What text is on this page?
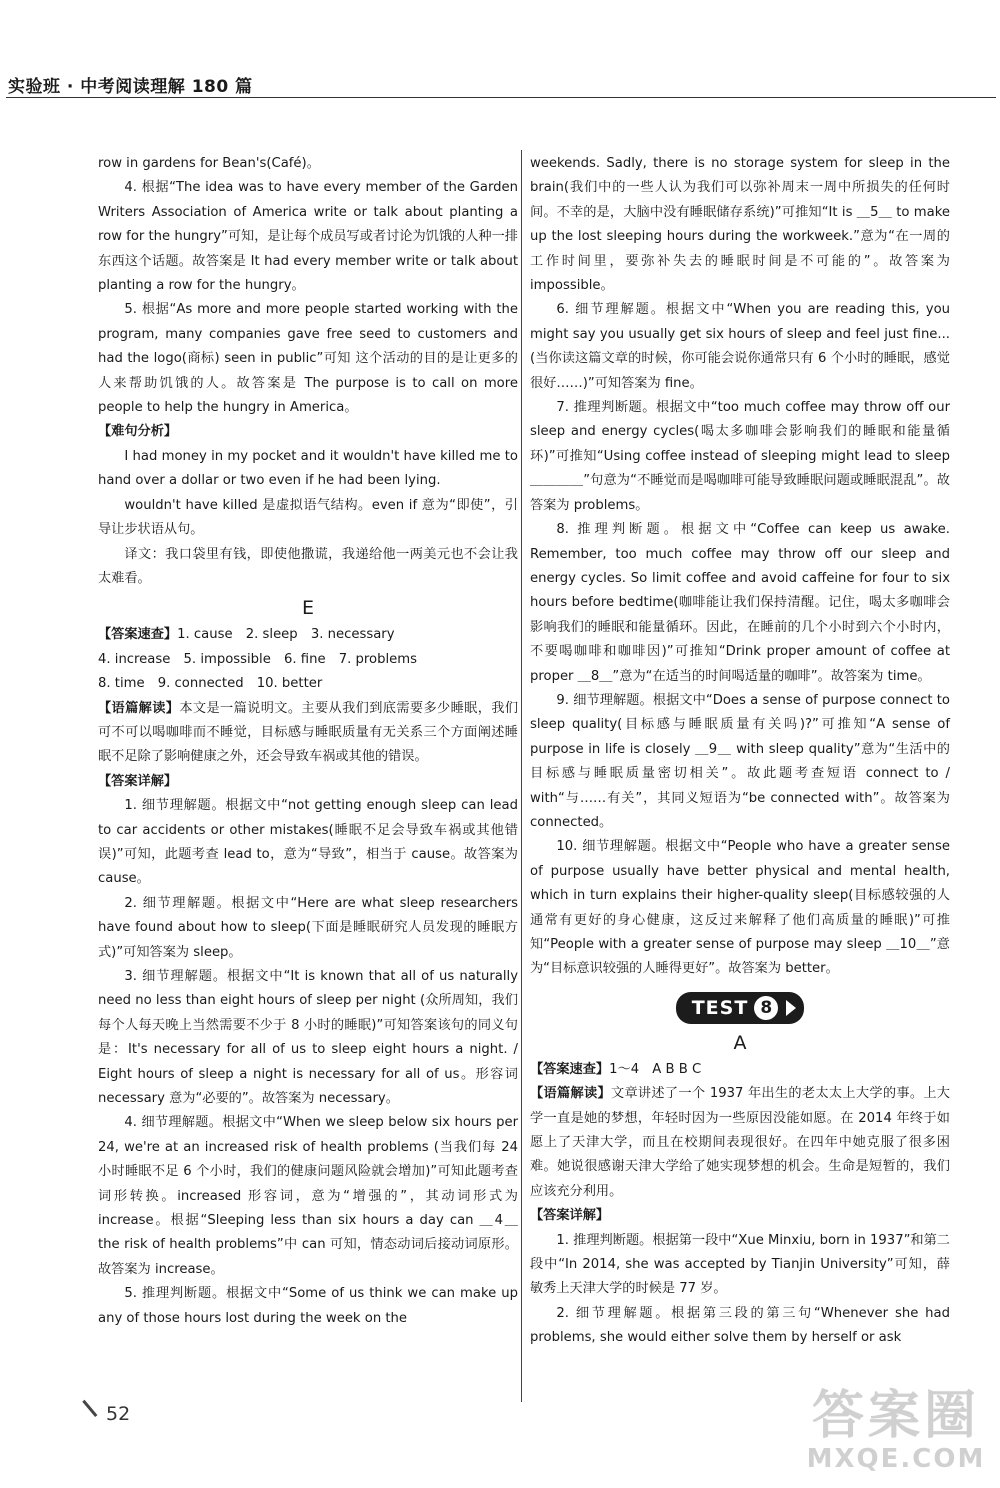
实验班 · 中考阅读理解 180 篇

row in gardens for Bean's(Café)。

4. 根据“The idea was to have every member of the Garden Writers Association of America write or talk about planting a row for the hungry”可知，是让每个成员写或者讨论为饥饿的人种一排东西这个话题。故答案是 It had every member write or talk about planting a row for the hungry。

5. 根据“As more and more people started working with the program, many companies gave free seed to customers and had the logo(商标) seen in public”可知 这个活动的目的是让更多的人来帮助饥饿的人。故答案是 The purpose is to call on more people to help the hungry in America。

【难句分析】

I had money in my pocket and it wouldn't have killed me to hand over a dollar or two even if he had been lying.

wouldn't have killed 是虚拟语气结构。even if 意为“即使”，引导让步状语从句。

译文：我口袋里有钱，即使他撒谎，我递给他一两美元也不会让我太难看。

E

【答案速查】1. cause　2. sleep　3. necessary

4. increase　5. impossible　6. fine　7. problems

8. time　9. connected　10. better

【语篇解读】本文是一篇说明文。主要从我们到底需要多少睡眠，我们可不可以喝咖啡而不睡觉，目标感与睡眠质量有无关系三个方面阐述睡眠不足除了影响健康之外，还会导致车祸或其他的错误。

【答案详解】

1. 细节理解题。根据文中“not getting enough sleep can lead to car accidents or other mistakes(睡眠不足会导致车祸或其他错误)”可知，此题考查 lead to，意为“导致”，相当于 cause。故答案为 cause。

2. 细节理解题。根据文中“Here are what sleep researchers have found about how to sleep(下面是睡眠研究人员发现的睡眠方式)”可知答案为 sleep。

3. 细节理解题。根据文中“It is known that all of us naturally need no less than eight hours of sleep per night (众所周知，我们每个人每天晚上当然需要不少于 8 小时的睡眠)”可知答案该句的同义句是：It's necessary for all of us to sleep eight hours a night. / Eight hours of sleep a night is necessary for all of us。形容词 necessary 意为“必要的”。故答案为 necessary。

4. 细节理解题。根据文中“When we sleep below six hours per 24, we're at an increased risk of health problems (当我们每 24 小时睡眠不足 6 个小时，我们的健康问题风险就会增加)”可知此题考查词形转换。increased 形容词，意为“增强的”，其动词形式为 increase。根据“Sleeping less than six hours a day can ＿4＿ the risk of health problems”中 can 可知，情态动词后接动词原形。故答案为 increase。

5. 推理判断题。根据文中“Some of us think we can make up any of those hours lost during the week on the

weekends. Sadly, there is no storage system for sleep in the brain(我们中的一些人认为我们可以弥补周末一周中所损失的任何时间。不幸的是，大脑中没有睡眠储存系统)”可推知“It is ＿5＿ to make up the lost sleeping hours during the workweek.”意为“在一周的工作时间里，要弥补失去的睡眠时间是不可能的”。故答案为 impossible。

6. 细节理解题。根据文中“When you are reading this, you might say you usually get six hours of sleep and feel just fine...(当你读这篇文章的时候，你可能会说你通常只有 6 个小时的睡眠，感觉很好……)”可知答案为 fine。

7. 推理判断题。根据文中“too much coffee may throw off our sleep and energy cycles(喝太多咖啡会影响我们的睡眠和能量循环)”可推知“Using coffee instead of sleeping might lead to sleep ＿＿＿＿”句意为“不睡觉而是喝咖啡可能导致睡眠问题或睡眠混乱”。故答案为 problems。

8. 推理判断题。根据文中“Coffee can keep us awake. Remember, too much coffee may throw off our sleep and energy cycles. So limit coffee and avoid caffeine for four to six hours before bedtime(咖啡能让我们保持清醒。记住，喝太多咖啡会影响我们的睡眠和能量循环。因此，在睡前的几个小时到六个小时内，不要喝咖啡和咖啡因)”可推知“Drink proper amount of coffee at proper ＿8＿”意为“在适当的时间喝适量的咖啡”。故答案为 time。

9. 细节理解题。根据文中“Does a sense of purpose connect to sleep quality(目标感与睡眠质量有关吗)?”可推知“A sense of purpose in life is closely ＿9＿ with sleep quality”意为“生活中的目标感与睡眠质量密切相关”。故此题考查短语 connect to / with“与……有关”，其同义短语为“be connected with”。故答案为 connected。

10. 细节理解题。根据文中“People who have a greater sense of purpose usually have better physical and mental health, which in turn explains their higher-quality sleep(目标感较强的人通常有更好的身心健康，这反过来解释了他们高质量的睡眠)”可推知“People with a greater sense of purpose may sleep ＿10＿”意为“目标意识较强的人睡得更好”。故答案为 better。

TEST 8
A

【答案速查】1～4　A B B C

【语篇解读】文章讲述了一个 1937 年出生的老太太上大学的事。上大学一直是她的梦想，年轻时因为一些原因没能如愿。在 2014 年终于如愿上了天津大学，而且在校期间表现很好。在四年中她克服了很多困难。她说很感谢天津大学给了她实现梦想的机会。生命是短暂的，我们应该充分利用。

【答案详解】

1. 推理判断题。根据第一段中“Xue Minxiu, born in 1937”和第二段中“In 2014, she was accepted by Tianjin University”可知，薛敏秀上天津大学的时候是 77 岁。

2. 细节理解题。根据第三段的第三句“Whenever she had problems, she would either solve them by herself or ask

52	答案圈
MXQE.COM
